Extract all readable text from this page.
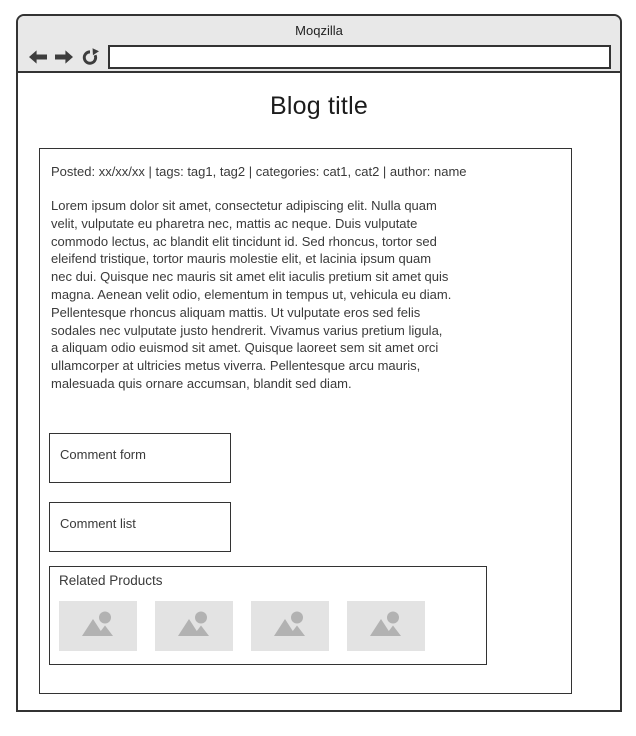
Moqzilla
Blog title
Posted: xx/xx/xx | tags: tag1, tag2 | categories: cat1, cat2 | author: name

Lorem ipsum dolor sit amet, consectetur adipiscing elit. Nulla quam velit, vulputate eu pharetra nec, mattis ac neque. Duis vulputate commodo lectus, ac blandit elit tincidunt id. Sed rhoncus, tortor sed eleifend tristique, tortor mauris molestie elit, et lacinia ipsum quam nec dui. Quisque nec mauris sit amet elit iaculis pretium sit amet quis magna. Aenean velit odio, elementum in tempus ut, vehicula eu diam. Pellentesque rhoncus aliquam mattis. Ut vulputate eros sed felis sodales nec vulputate justo hendrerit. Vivamus varius pretium ligula, a aliquam odio euismod sit amet. Quisque laoreet sem sit amet orci ullamcorper at ultricies metus viverra. Pellentesque arcu mauris, malesuada quis ornare accumsan, blandit sed diam.

Comment form
Comment list
Related Products
